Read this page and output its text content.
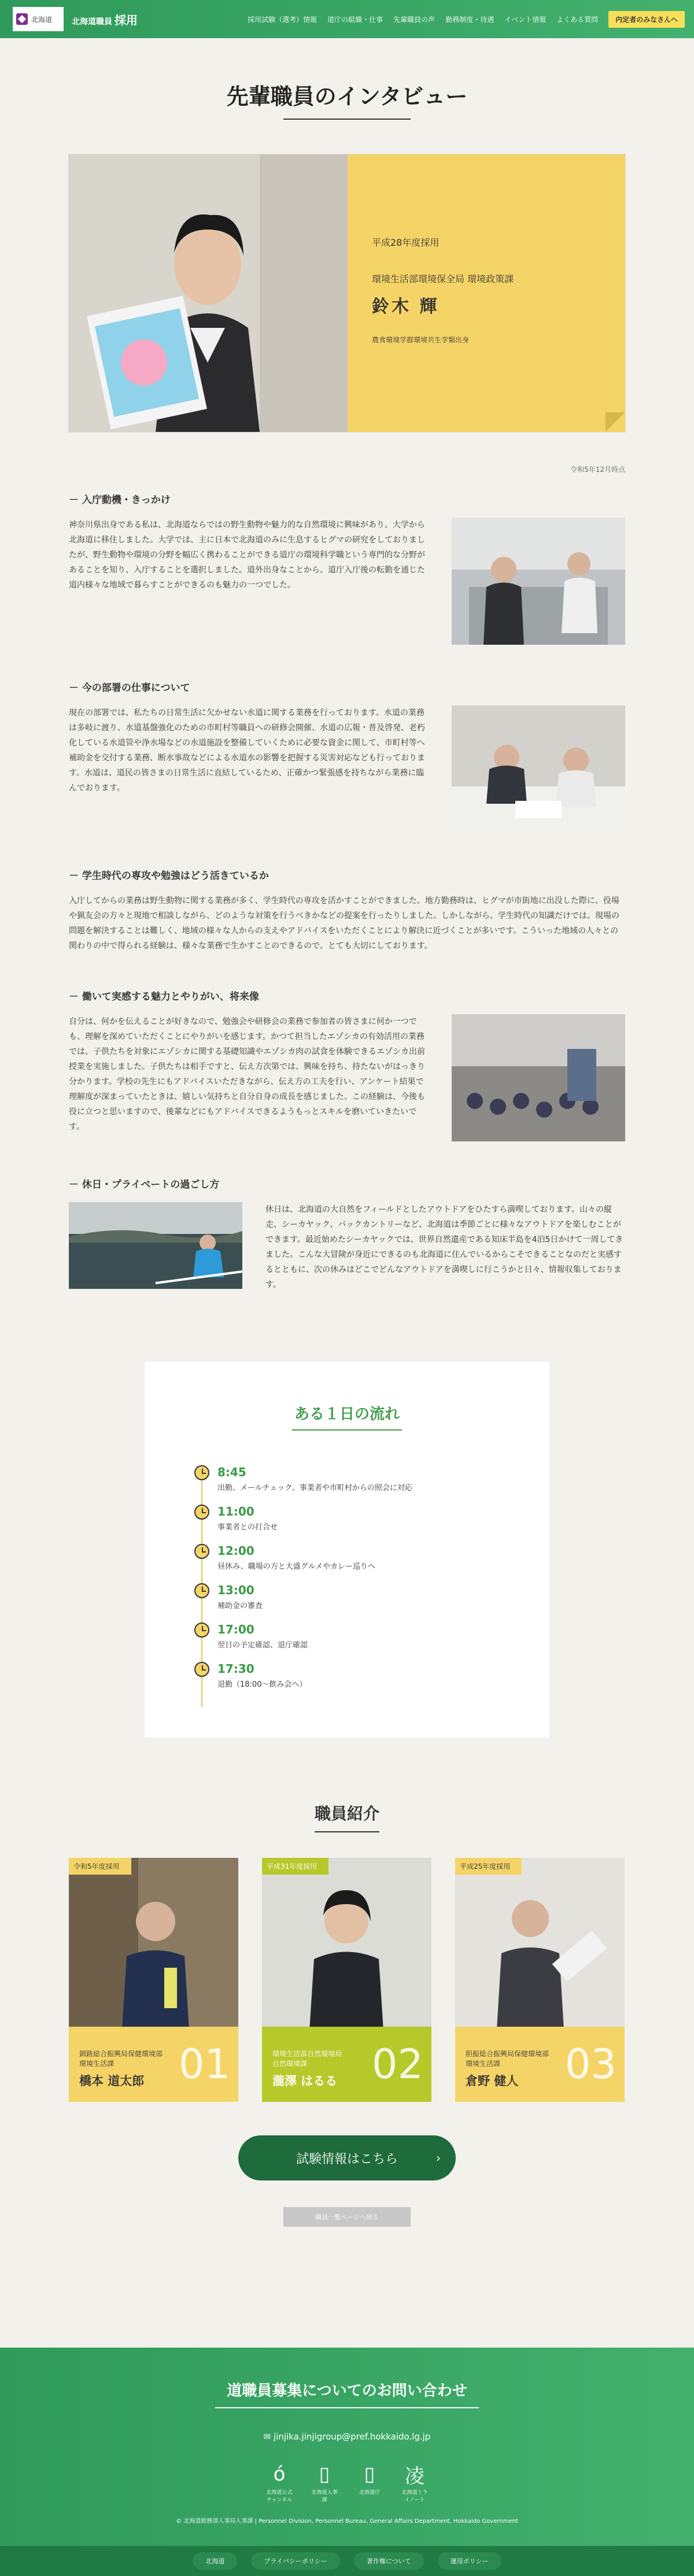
北海道 北海道職員 採用	採用試験（選考）情報 道庁の組織・仕事 先輩職員の声 勤務制度・待遇 イベント情報 よくある質問	内定者のみなさんへ
先輩職員のインタビュー
平成28年度採用
環境生活部環境保全局 環境政策課
鈴木 輝
農食環境学群環境共生学類出身
令和5年12月時点
－ 入庁動機・きっかけ

神奈川県出身である私は、北海道ならではの野生動物や魅力的な自然環境に興味があり、大学から北海道に移住しました。大学では、主に日本で北海道のみに生息するヒグマの研究をしておりましたが、野生動物や環境の分野を幅広く携わることができる道庁の環境科学職という専門的な分野があることを知り、入庁することを選択しました。道外出身なことから、道庁入庁後の転勤を通じた道内様々な地域で暮らすことができるのも魅力の一つでした。

－ 今の部署の仕事について

現在の部署では、私たちの日常生活に欠かせない水道に関する業務を行っております。水道の業務は多岐に渡り、水道基盤強化のための市町村等職員への研修会開催、水道の広報・普及啓発、老朽化している水道管や浄水場などの水道施設を整備していくために必要な資金に関して、市町村等へ補助金を交付する業務、断水事故などによる水道水の影響を把握する災害対応なども行っております。水道は、道民の皆さまの日常生活に直結しているため、正確かつ緊張感を持ちながら業務に臨んでおります。

－ 学生時代の専攻や勉強はどう活きているか

入庁してからの業務は野生動物に関する業務が多く、学生時代の専攻を活かすことができました。地方勤務時は、ヒグマが市街地に出没した際に、役場や猟友会の方々と現地で相談しながら、どのような対策を行うべきかなどの提案を行ったりしました。しかしながら、学生時代の知識だけでは、現場の問題を解決することは難しく、地域の様々な人からの支えやアドバイスをいただくことにより解決に近づくことが多いです。こういった地域の人々との関わりの中で得られる経験は、様々な業務で生かすことのできるので、とても大切にしております。

－ 働いて実感する魅力とやりがい、将来像

自分は、何かを伝えることが好きなので、勉強会や研修会の業務で参加者の皆さまに何か一つでも、理解を深めていただくことにやりがいを感じます。かつて担当したエゾシカの有効活用の業務では、子供たちを対象にエゾシカに関する基礎知識やエゾシカ肉の試食を体験できるエゾシカ出前授業を実施しました。子供たちは相手ですと、伝え方次第では、興味を持ち、持たないがはっきり分かります。学校の先生にもアドバイスいただきながら、伝え方の工夫を行い、アンケート結果で理解度が深まっていたときは、嬉しい気持ちと自分自身の成長を感じました。この経験は、今後も役に立つと思いますので、後輩などにもアドバイスできるようもっとスキルを磨いていきたいです。

－ 休日・プライベートの過ごし方

休日は、北海道の大自然をフィールドとしたアウトドアをひたすら満喫しております。山々の縦走、シーカヤック、バックカントリーなど、北海道は季節ごとに様々なアウトドアを楽しむことができます。最近始めたシーカヤックでは、世界自然遺産である知床半島を4泊5日かけて一周してきました。こんな大冒険が身近にできるのも北海道に住んでいるからこそできることなのだと実感するとともに、次の休みはどこでどんなアウトドアを満喫しに行こうかと日々、情報収集しております。

ある１日の流れ
8:45
出勤、メールチェック、事業者や市町村からの照会に対応
11:00
事業者との打合せ
12:00
昼休み、職場の方と大盛グルメやカレー巡りへ
13:00
補助金の審査
17:00
翌日の予定確認、退庁確認
17:30
退勤（18:00〜飲み会へ）
職員紹介
令和5年度採用
釧路総合振興局保健環境部
環境生活課
橋本 道太郎 01
平成31年度採用
環境生活部自然環境局
自然環境課
瀧澤 はるる 02
平成25年度採用
胆振総合振興局保健環境部
環境生活課
倉野 健人	03
試験情報はこちら	›
職員一覧ページへ戻る
道職員募集についてのお問い合わせ
✉ jinjika.jinjigroup@pref.hokkaido.lg.jp
ó
北海道公式チャンネル
▯
北海道人事課
▯
北海道庁
凌
北海道ミライノート
© 北海道総務部人事局人事課 | Personnel Division, Personnel Bureau, General Affairs Department, Hokkaido Government
北海道	プライバシーポリシー	著作権について	運用ポリシー
